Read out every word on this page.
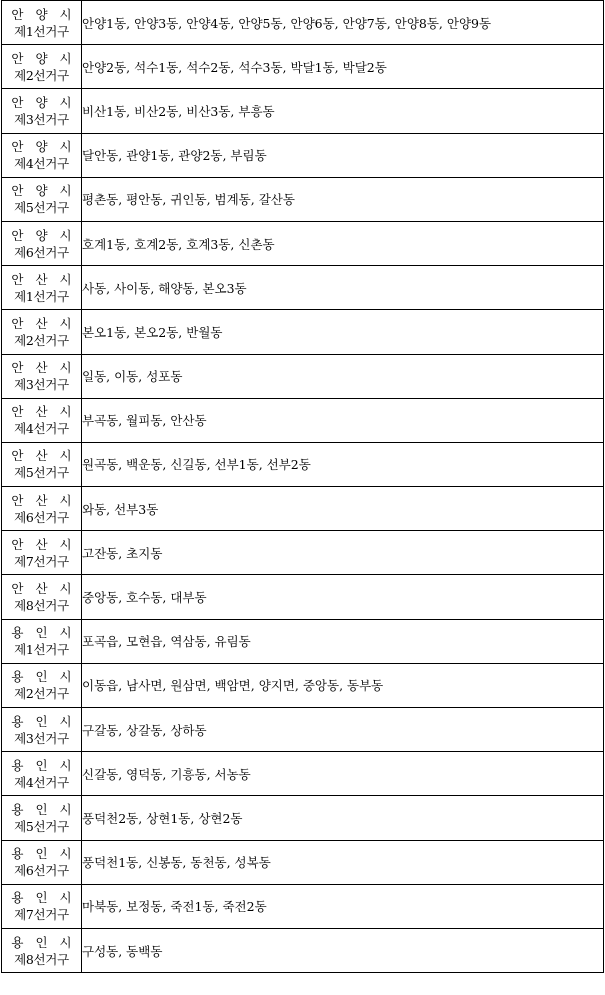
안 양 시
제1선거구	안양1동, 안양3동, 안양4동, 안양5동, 안양6동, 안양7동, 안양8동, 안양9동

안 양 시
제2선거구	안양2동, 석수1동, 석수2동, 석수3동, 박달1동, 박달2동

안 양 시
제3선거구	비산1동, 비산2동, 비산3동, 부흥동

안 양 시
제4선거구	달안동, 관양1동, 관양2동, 부림동

안 양 시
제5선거구	평촌동, 평안동, 귀인동, 범계동, 갈산동

안 양 시
제6선거구	호계1동, 호계2동, 호계3동, 신촌동

안 산 시
제1선거구	사동, 사이동, 해양동, 본오3동

안 산 시
제2선거구	본오1동, 본오2동, 반월동

안 산 시
제3선거구	일동, 이동, 성포동

안 산 시
제4선거구	부곡동, 월피동, 안산동

안 산 시
제5선거구	원곡동, 백운동, 신길동, 선부1동, 선부2동

안 산 시
제6선거구	와동, 선부3동

안 산 시
제7선거구	고잔동, 초지동

안 산 시
제8선거구	중앙동, 호수동, 대부동

용 인 시
제1선거구	포곡읍, 모현읍, 역삼동, 유림동

용 인 시
제2선거구	이동읍, 남사면, 원삼면, 백암면, 양지면, 중앙동, 동부동

용 인 시
제3선거구	구갈동, 상갈동, 상하동

용 인 시
제4선거구	신갈동, 영덕동, 기흥동, 서농동

용 인 시
제5선거구	풍덕천2동, 상현1동, 상현2동

용 인 시
제6선거구	풍덕천1동, 신봉동, 동천동, 성복동

용 인 시
제7선거구	마북동, 보정동, 죽전1동, 죽전2동

용 인 시
제8선거구	구성동, 동백동
